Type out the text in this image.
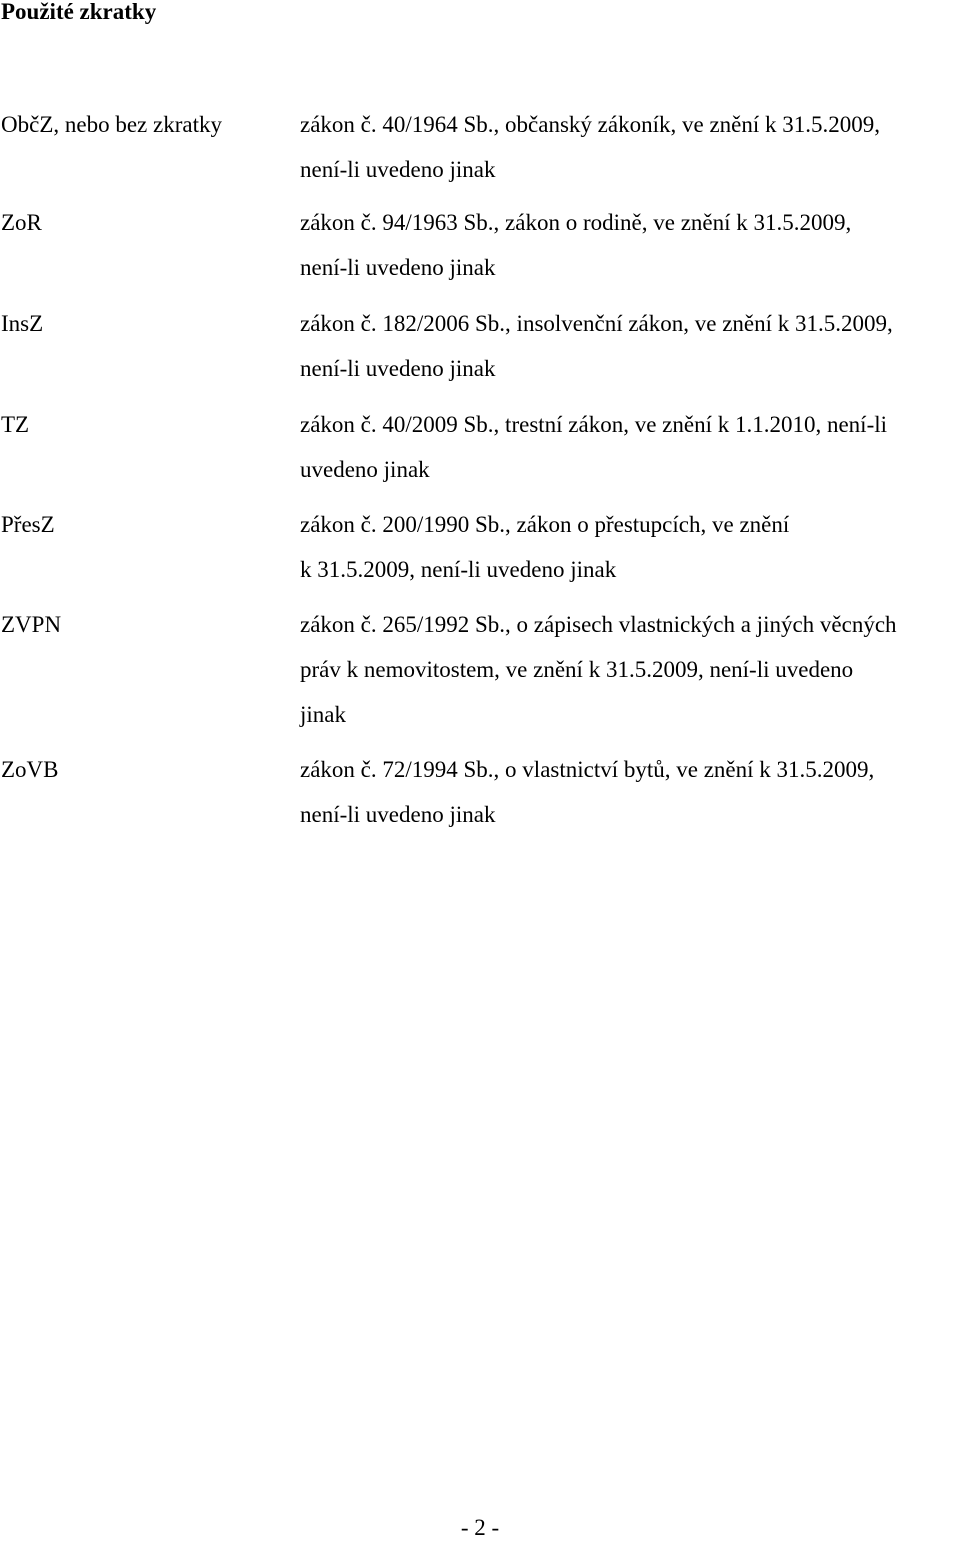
Použité zkratky
ObčZ, nebo bez zkratky	zákon č. 40/1964 Sb., občanský zákoník, ve znění k 31.5.2009,
není-li uvedeno jinak
ZoR	zákon č. 94/1963 Sb., zákon o rodině, ve znění k 31.5.2009,
není-li uvedeno jinak
InsZ	zákon č. 182/2006 Sb., insolvenční zákon, ve znění k 31.5.2009,
není-li uvedeno jinak
TZ	zákon č. 40/2009 Sb., trestní zákon, ve znění k 1.1.2010, není-li
uvedeno jinak
PřesZ	zákon č. 200/1990 Sb., zákon o přestupcích, ve znění
k 31.5.2009, není-li uvedeno jinak
ZVPN	zákon č. 265/1992 Sb., o zápisech vlastnických a jiných věcných
práv k nemovitostem, ve znění k 31.5.2009, není-li uvedeno
jinak
ZoVB	zákon č. 72/1994 Sb., o vlastnictví bytů, ve znění k 31.5.2009,
není-li uvedeno jinak
- 2 -
